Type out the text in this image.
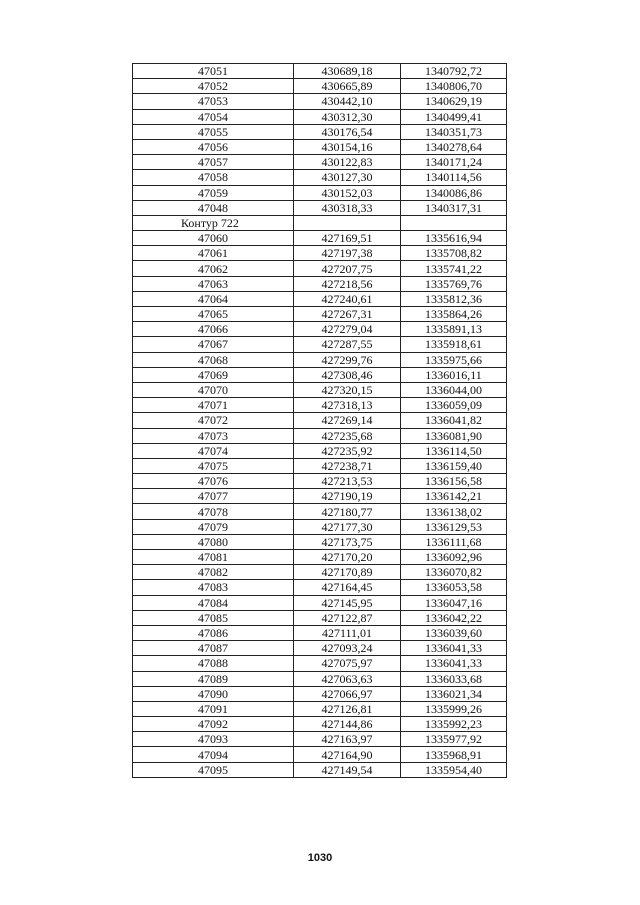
47051	430689,18	1340792,72
47052	430665,89	1340806,70
47053	430442,10	1340629,19
47054	430312,30	1340499,41
47055	430176,54	1340351,73
47056	430154,16	1340278,64
47057	430122,83	1340171,24
47058	430127,30	1340114,56
47059	430152,03	1340086,86
47048	430318,33	1340317,31
Контур 722		
47060	427169,51	1335616,94
47061	427197,38	1335708,82
47062	427207,75	1335741,22
47063	427218,56	1335769,76
47064	427240,61	1335812,36
47065	427267,31	1335864,26
47066	427279,04	1335891,13
47067	427287,55	1335918,61
47068	427299,76	1335975,66
47069	427308,46	1336016,11
47070	427320,15	1336044,00
47071	427318,13	1336059,09
47072	427269,14	1336041,82
47073	427235,68	1336081,90
47074	427235,92	1336114,50
47075	427238,71	1336159,40
47076	427213,53	1336156,58
47077	427190,19	1336142,21
47078	427180,77	1336138,02
47079	427177,30	1336129,53
47080	427173,75	1336111,68
47081	427170,20	1336092,96
47082	427170,89	1336070,82
47083	427164,45	1336053,58
47084	427145,95	1336047,16
47085	427122,87	1336042,22
47086	427111,01	1336039,60
47087	427093,24	1336041,33
47088	427075,97	1336041,33
47089	427063,63	1336033,68
47090	427066,97	1336021,34
47091	427126,81	1335999,26
47092	427144,86	1335992,23
47093	427163,97	1335977,92
47094	427164,90	1335968,91
47095	427149,54	1335954,40
1030
